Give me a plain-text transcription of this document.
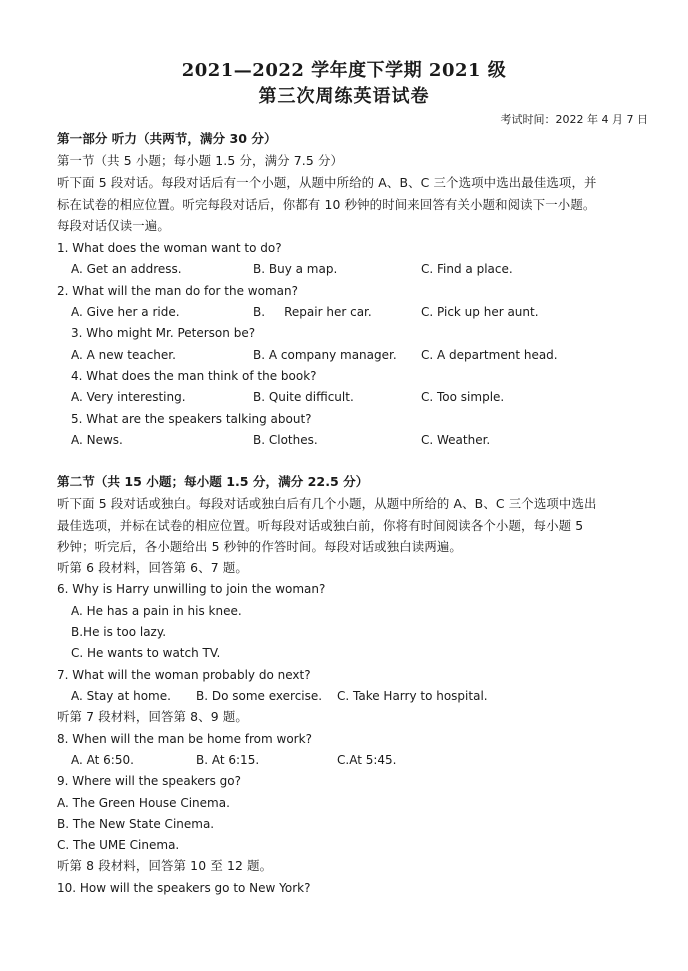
2021—2022 学年度下学期 2021 级
第三次周练英语试卷
考试时间：2022 年 4 月 7 日
第一部分 听力（共两节，满分 30 分）
第一节（共 5 小题；每小题 1.5 分，满分 7.5 分）
听下面 5 段对话。每段对话后有一个小题，从题中所给的 A、B、C 三个选项中选出最佳选项，并
标在试卷的相应位置。听完每段对话后，你都有 10 秒钟的时间来回答有关小题和阅读下一小题。
每段对话仅读一遍。
1. What does the woman want to do?
A. Get an address.	B. Buy a map.	C. Find a place.
2. What will the man do for the woman?
A. Give her a ride.	B.     Repair her car.	C. Pick up her aunt.
3. Who might Mr. Peterson be?
A. A new teacher.	B. A company manager. C. A department head.
4. What does the man think of the book?
A. Very interesting.	B. Quite difficult.	C. Too simple.
5. What are the speakers talking about?
A. News.	B. Clothes.	C. Weather.
第二节（共 15 小题；每小题 1.5 分，满分 22.5 分）
听下面 5 段对话或独白。每段对话或独白后有几个小题，从题中所给的 A、B、C 三个选项中选出
最佳选项，并标在试卷的相应位置。听每段对话或独白前，你将有时间阅读各个小题，每小题 5
秒钟；听完后，各小题给出 5 秒钟的作答时间。每段对话或独白读两遍。
听第 6 段材料，回答第 6、7 题。
6. Why is Harry unwilling to join the woman?
A. He has a pain in his knee.
B.He is too lazy.
C. He wants to watch TV.
7. What will the woman probably do next?
A. Stay at home. B. Do some exercise. C. Take Harry to hospital.
听第 7 段材料，回答第 8、9 题。
8. When will the man be home from work?
A. At 6:50.	B. At 6:15.	C.At 5:45.
9. Where will the speakers go?
A. The Green House Cinema.
B. The New State Cinema.
C. The UME Cinema.
听第 8 段材料，回答第 10 至 12 题。
10. How will the speakers go to New York?
